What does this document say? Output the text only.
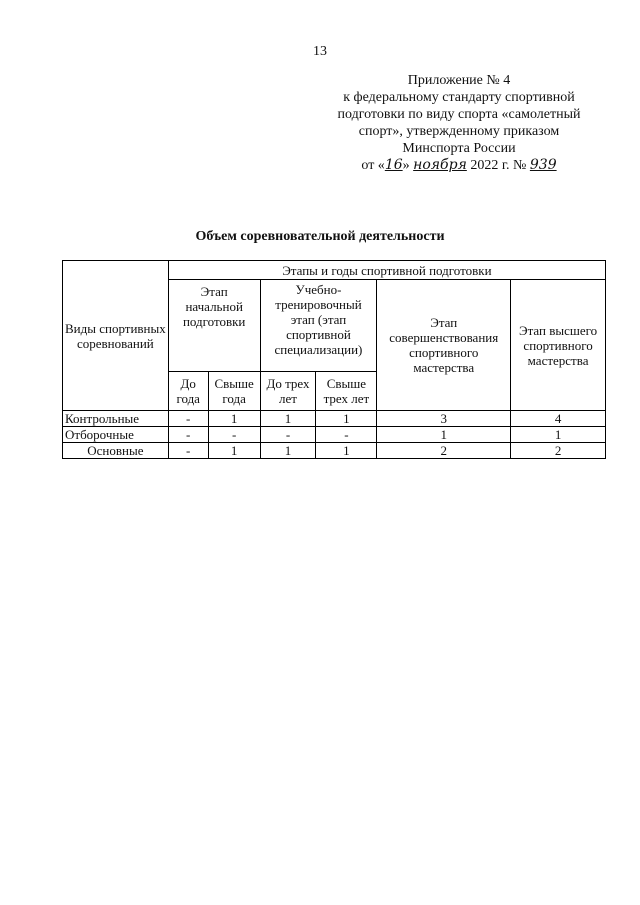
13
Приложение № 4
к федеральному стандарту спортивной
подготовки по виду спорта «самолетный
спорт», утвержденному приказом
Минспорта России
от «16» ноября 2022 г. № 939
Объем соревновательной деятельности
Виды спортивных соревнований	Этапы и годы спортивной подготовки					
	Этап начальной подготовки		Учебно-тренировочный этап (этап спортивной специализации)		Этап совершенствования спортивного мастерства	Этап высшего спортивного мастерства
	До года	Свыше года	До трех лет	Свыше трех лет		
Контрольные	-	1	1	1	3	4
Отборочные	-	-	-	-	1	1
Основные	-	1	1	1	2	2
